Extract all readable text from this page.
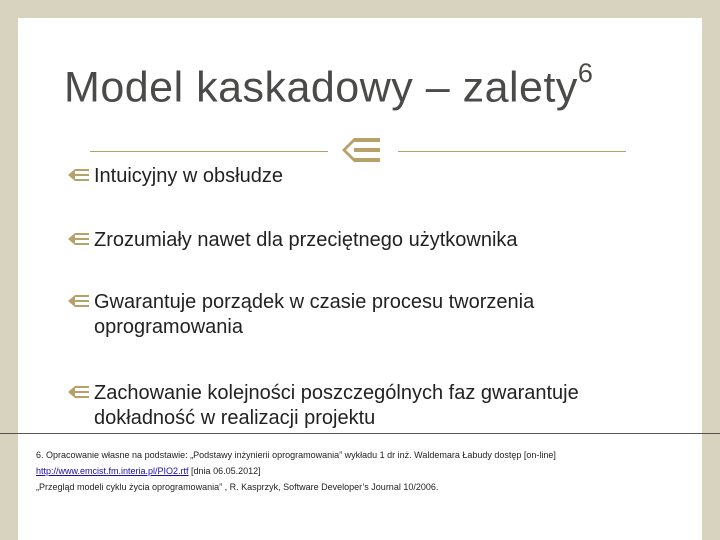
Model kaskadowy – zalety$^6$
Intuicyjny w obsłudze
Zrozumiały nawet dla przeciętnego użytkownika
Gwarantuje porządek w czasie procesu tworzenia
oprogramowania
Zachowanie kolejności poszczególnych faz gwarantuje
dokładność w realizacji projektu
6. Opracowanie własne na podstawie: „Podstawy inżynierii oprogramowania” wykładu 1 dr inż. Waldemara Łabudy dostęp [on-line]
http://www.emcist.fm.interia.pl/PIO2.rtf [dnia 06.05.2012]
„Przegląd modeli cyklu życia oprogramowania” , R. Kasprzyk, Software Developer’s Journal 10/2006.
